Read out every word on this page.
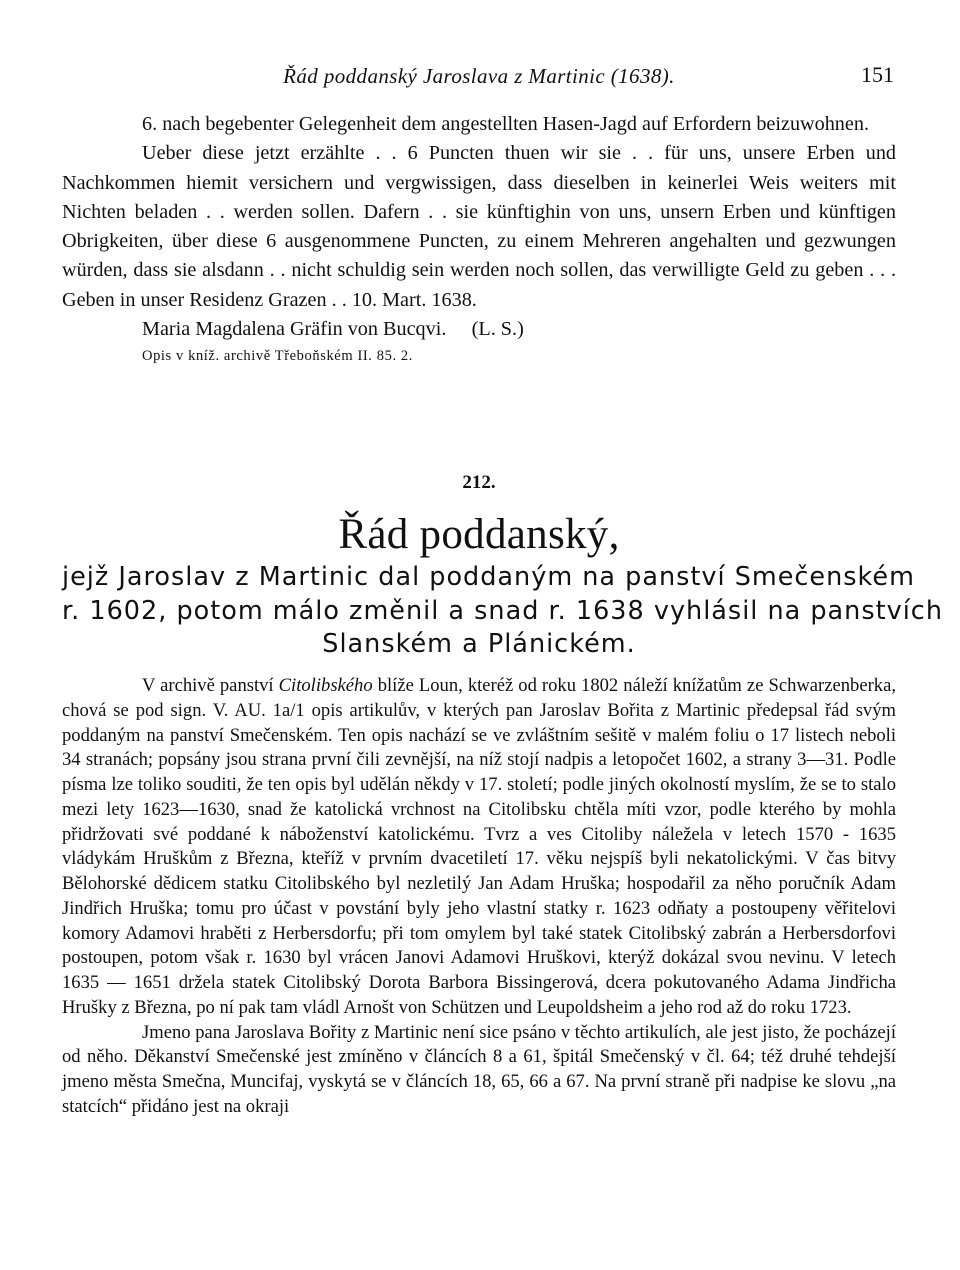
Řád poddanský Jaroslava z Martinic (1638).	151

6. nach begebenter Gelegenheit dem angestellten Hasen-Jagd auf Erfordern beizuwohnen.

Ueber diese jetzt erzählte . . 6 Puncten thuen wir sie . . für uns, unsere Erben und Nachkommen hiemit versichern und vergwissigen, dass dieselben in keinerlei Weis weiters mit Nichten beladen . . werden sollen. Dafern . . sie künftighin von uns, unsern Erben und künftigen Obrigkeiten, über diese 6 ausgenommene Puncten, zu einem Mehreren angehalten und gezwungen würden, dass sie alsdann . . nicht schuldig sein werden noch sollen, das verwilligte Geld zu geben . . . Geben in unser Residenz Grazen . . 10. Mart. 1638.

Maria Magdalena Gräfin von Bucqvi. (L. S.)
Opis v kníž. archivě Třeboňském II. 85. 2.
212.
Řád poddanský,
jejž Jaroslav z Martinic dal poddaným na panství Smečenském
r. 1602, potom málo změnil a snad r. 1638 vyhlásil na panstvích
Slanském a Plánickém.

V archivě panství Citolibského blíže Loun, kteréž od roku 1802 náleží knížatům ze Schwarzenberka, chová se pod sign. V. AU. 1a/1 opis artikulův, v kterých pan Jaroslav Bořita z Martinic předepsal řád svým poddaným na panství Smečenském. Ten opis nachází se ve zvláštním sešitě v malém foliu o 17 listech neboli 34 stranách; popsány jsou strana první čili zevnější, na níž stojí nadpis a letopočet 1602, a strany 3—31. Podle písma lze toliko souditi, že ten opis byl udělán někdy v 17. století; podle jiných okolností myslím, že se to stalo mezi lety 1623—1630, snad že katolická vrchnost na Citolibsku chtěla míti vzor, podle kterého by mohla přidržovati své poddané k náboženství katolickému. Tvrz a ves Citoliby náležela v letech 1570 - 1635 vládykám Hruškům z Března, kteříž v prvním dvacetiletí 17. věku nejspíš byli nekatolickými. V čas bitvy Bělohorské dědicem statku Citolibského byl nezletilý Jan Adam Hruška; hospodařil za něho poručník Adam Jindřich Hruška; tomu pro účast v povstání byly jeho vlastní statky r. 1623 odňaty a postoupeny věřitelovi komory Adamovi hraběti z Herbersdorfu; při tom omylem byl také statek Citolibský zabrán a Herbersdorfovi postoupen, potom však r. 1630 byl vrácen Janovi Adamovi Hruškovi, kterýž dokázal svou nevinu. V letech 1635 — 1651 držela statek Citolibský Dorota Barbora Bissingerová, dcera pokutovaného Adama Jindřicha Hrušky z Března, po ní pak tam vládl Arnošt von Schützen und Leupoldsheim a jeho rod až do roku 1723.

Jmeno pana Jaroslava Bořity z Martinic není sice psáno v těchto artikulích, ale jest jisto, že pocházejí od něho. Děkanství Smečenské jest zmíněno v článcích 8 a 61, špitál Smečenský v čl. 64; též druhé tehdejší jmeno města Smečna, Muncifaj, vyskytá se v článcích 18, 65, 66 a 67. Na první straně při nadpise ke slovu „na statcích“ přidáno jest na okraji
